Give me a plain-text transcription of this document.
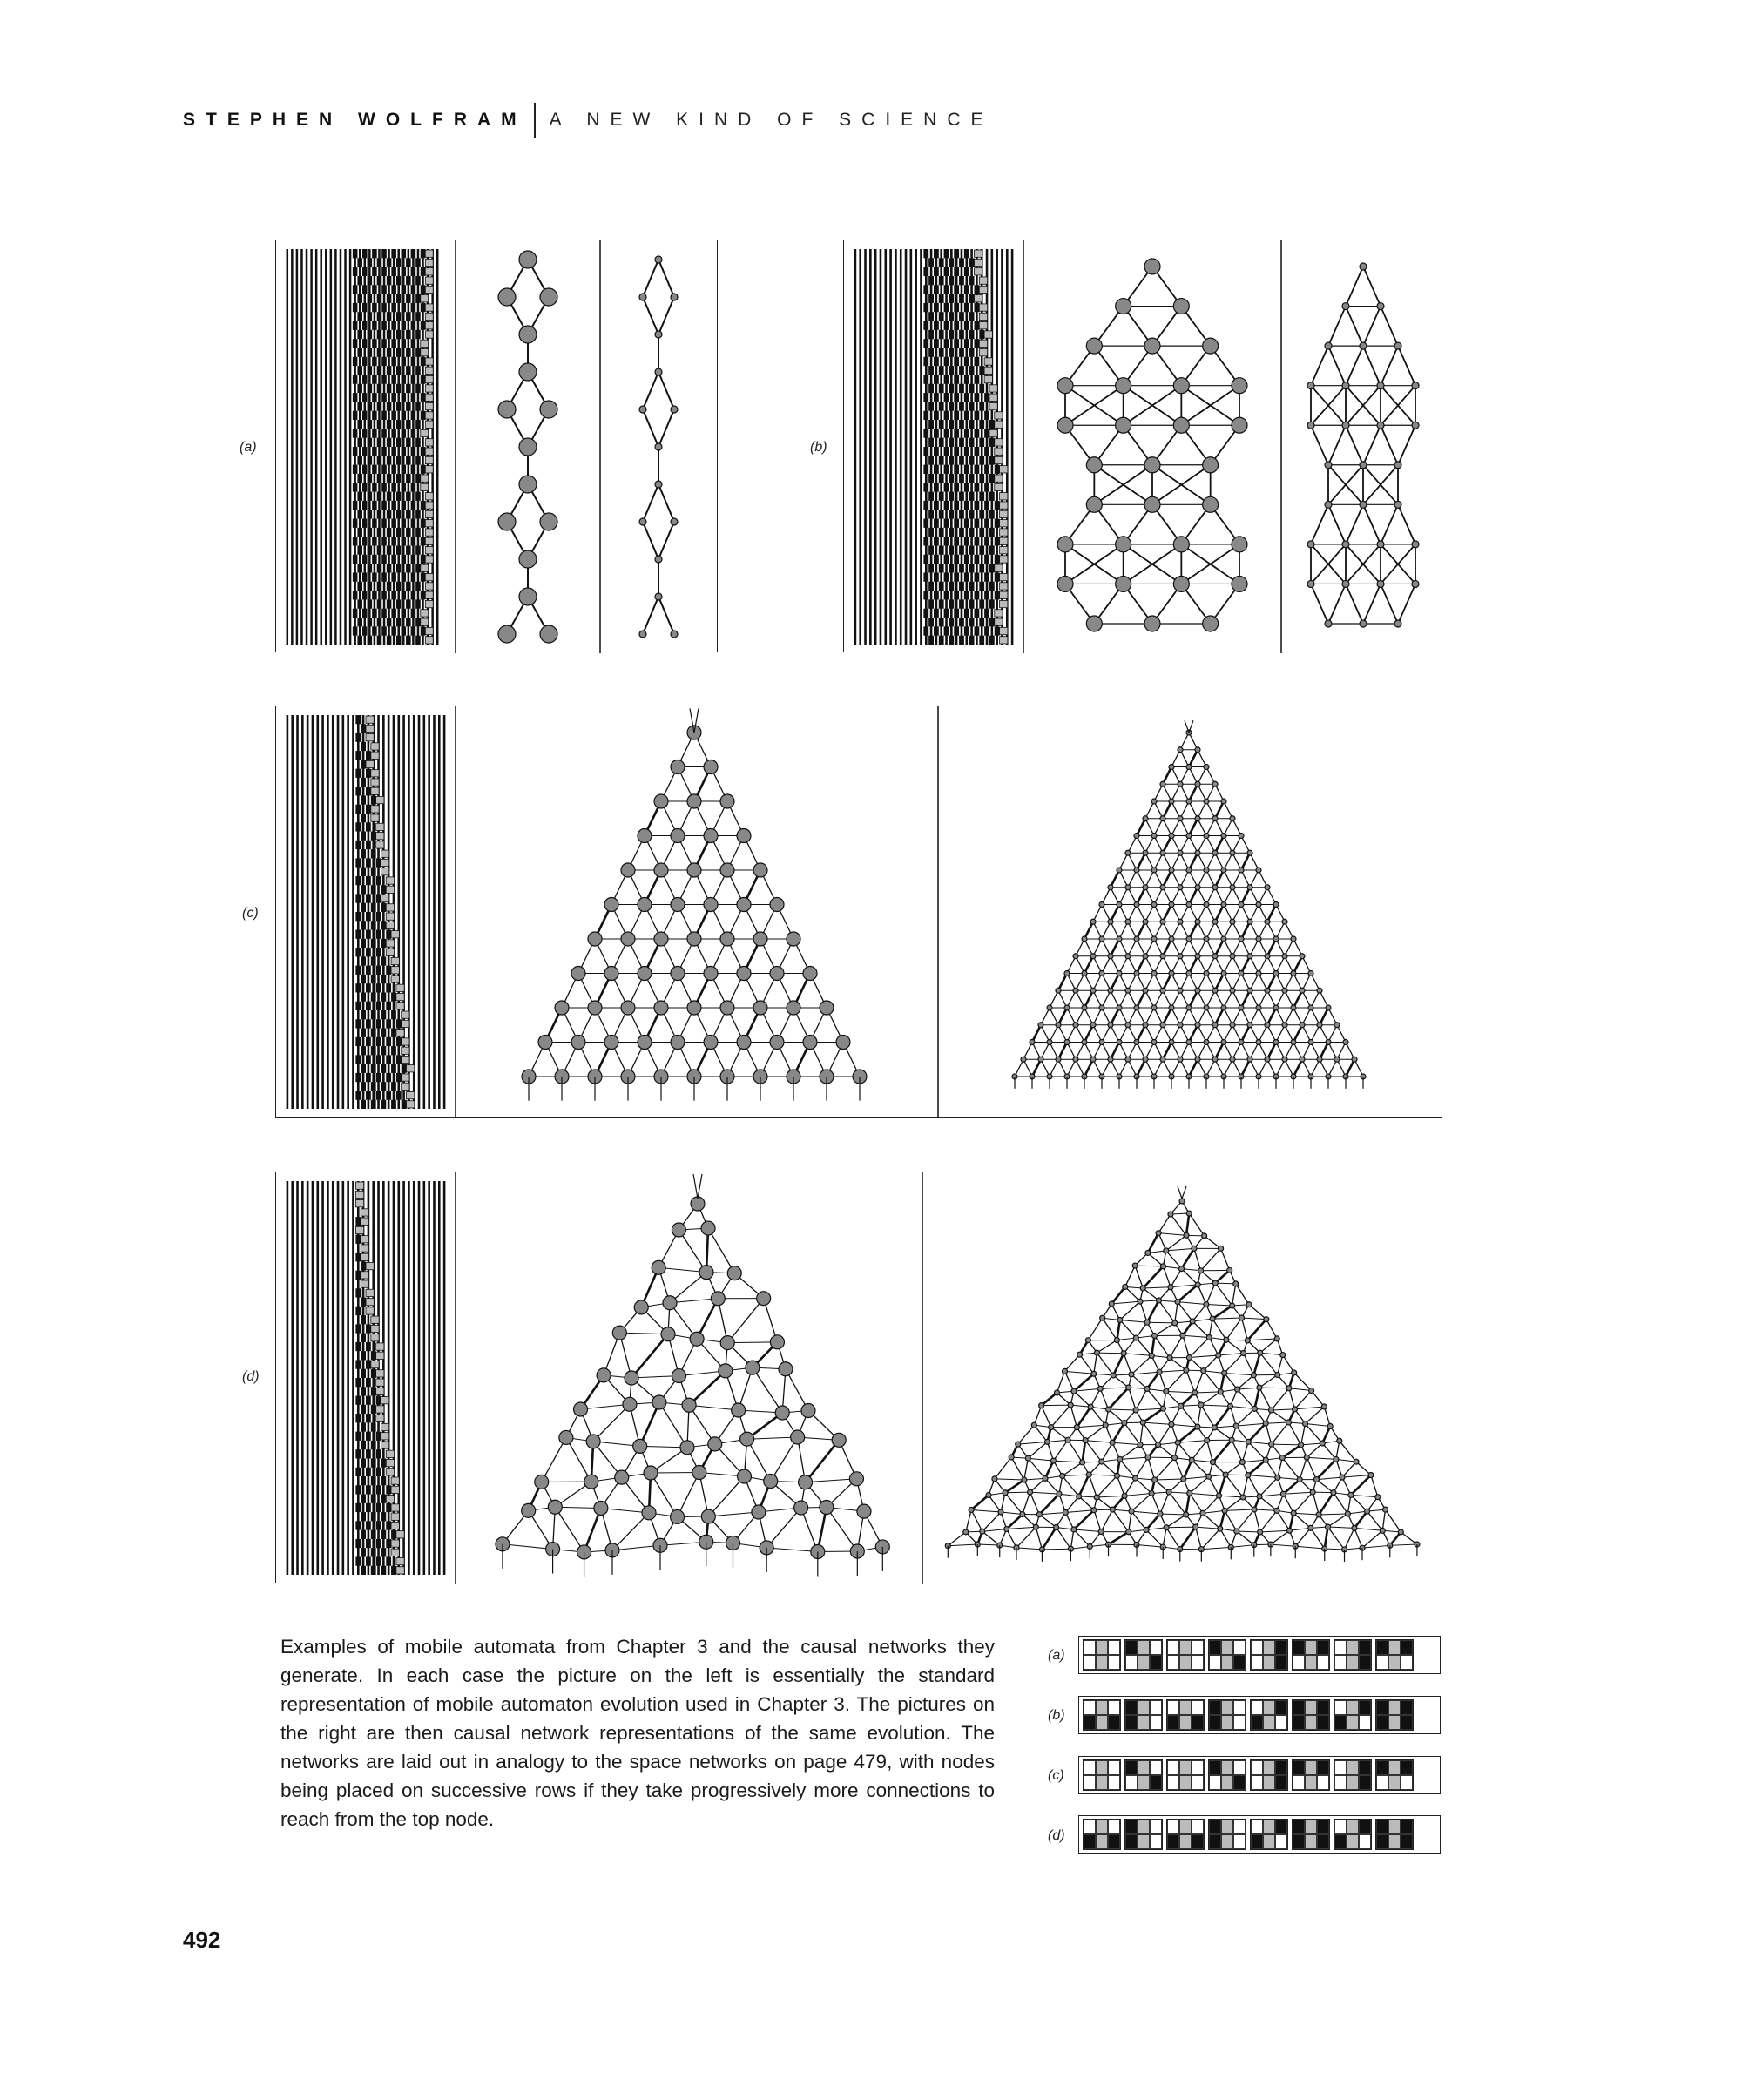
STEPHEN WOLFRAM A NEW KIND OF SCIENCE
(a)	(b)
(c)
(d)
Examples of mobile automata from Chapter 3 and the causal networks they generate. In each case the picture on the left is essentially the standard representation of mobile automaton evolution used in Chapter 3. The pictures on the right are then causal network representations of the same evolution. The networks are laid out in analogy to the space networks on page 479, with nodes being placed on successive rows if they take progressively more connections to reach from the top node.
(a)
(b)
(c)
(d)
492
